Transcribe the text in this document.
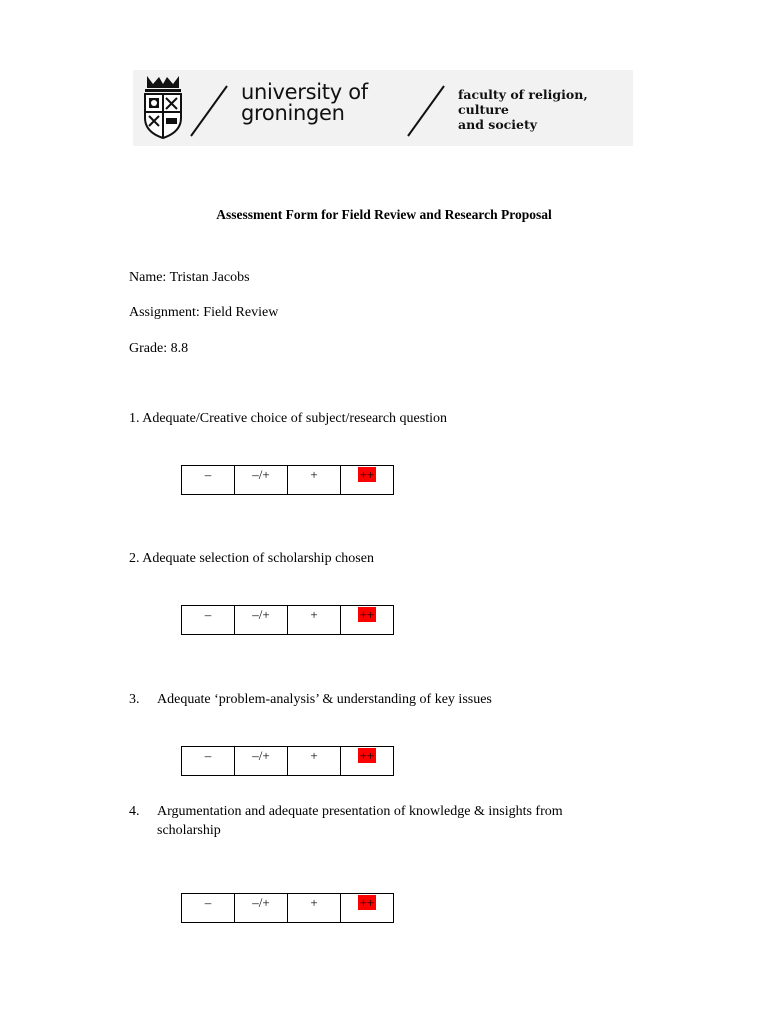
university of
groningen
faculty of religion, culture
and society
Assessment Form for Field Review and Research Proposal
Name: Tristan Jacobs
Assignment: Field Review
Grade: 8.8
1. Adequate/Creative choice of subject/research question
–	–/+	+	++
2. Adequate selection of scholarship chosen
–	–/+	+	++
3. Adequate ‘problem-analysis’ & understanding of key issues
–	–/+	+	++
4. Argumentation and adequate presentation of knowledge & insights from scholarship
–	–/+	+	++
